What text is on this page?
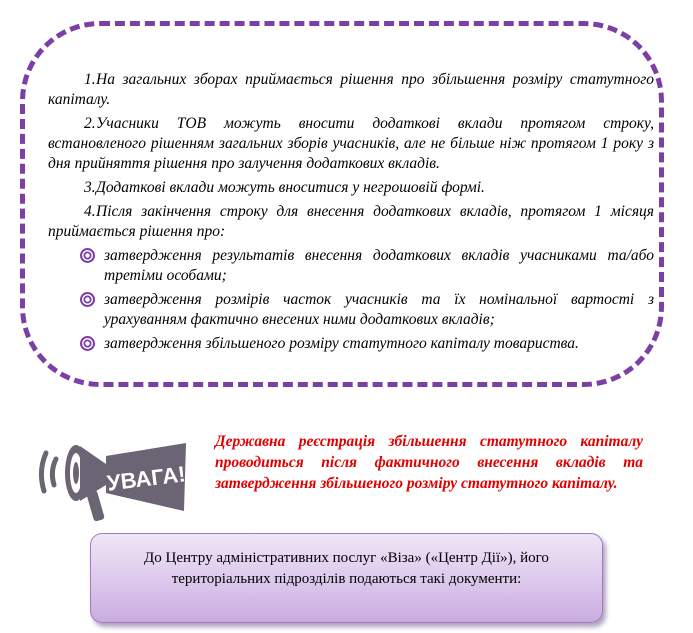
1.На загальних зборах приймається рішення про збільшення розміру статутного капіталу.

2.Учасники ТОВ можуть вносити додаткові вклади протягом строку, встановленого рішенням загальних зборів учасників, але не більше ніж протягом 1 року з дня прийняття рішення про залучення додаткових вкладів.

3.Додаткові вклади можуть вноситися у негрошовій формі.

4.Після закінчення строку для внесення додаткових вкладів, протягом 1 місяця приймається рішення про:

затвердження результатів внесення додаткових вкладів учасниками та/або третіми особами;
затвердження розмірів часток учасників та їх номінальної вартості з урахуванням фактично внесених ними додаткових вкладів;
затвердження збільшеного розміру статутного капіталу товариства.
УВАГА!
Державна реєстрація збільшення статутного капіталу проводиться після фактичного внесення вкладів та затвердження збільшеного розміру статутного капіталу.
До Центру адміністративних послуг «Віза» («Центр Дії»), його територіальних підрозділів подаються такі документи:
